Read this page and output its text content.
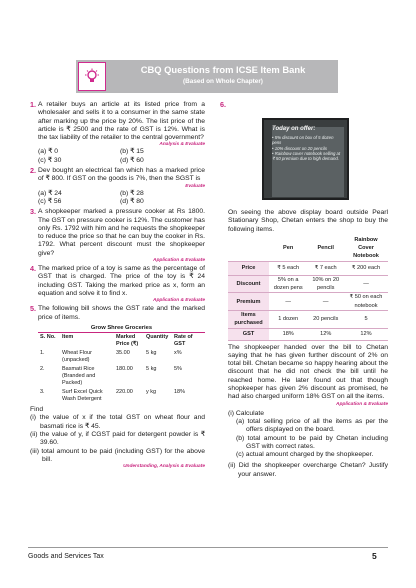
CBQ Questions from ICSE Item Bank
(Based on Whole Chapter)
1. A retailer buys an article at its listed price from a wholesaler and sells it to a consumer in the same state after marking up the price by 20%. The list price of the article is ₹ 2500 and the rate of GST is 12%. What is the tax liability of the retailer to the central government?
Analysis & Evaluate
(a) ₹ 0	(b) ₹ 15
(c) ₹ 30	(d) ₹ 60
2. Dev bought an electrical fan which has a marked price of ₹ 800. If GST on the goods is 7%, then the SGST is
Evaluate
(a) ₹ 24	(b) ₹ 28
(c) ₹ 56	(d) ₹ 80
3. A shopkeeper marked a pressure cooker at Rs 1800. The GST on pressure cooker is 12%. The customer has only Rs. 1792 with him and he requests the shopkeeper to reduce the price so that he can buy the cooker in Rs. 1792. What percent discount must the shopkeeper give?
Application & Evaluate
4. The marked price of a toy is same as the percentage of GST that is charged. The price of the toy is ₹ 24 including GST. Taking the marked price as x, form an equation and solve it to find x.
Application & Evaluate
5. The following bill shows the GST rate and the marked price of items.
Grow Shree Groceries
S. No.	Item	Marked Price (₹)	Quantity	Rate of GST
1.	Wheat Flour (unpacked)	35.00	5 kg	x%
2.	Basmati Rice (Branded and Packed)	180.00	5 kg	5%
3.	Surf Excel Quick Wash Detergent	220.00	y kg	18%
Find
(i) the value of x if the total GST on wheat flour and basmati rice is ₹ 45.
(ii) the value of y, if CGST paid for detergent powder is ₹ 39.60.
(iii) total amount to be paid (including GST) for the above bill.
Understanding, Analysis & Evaluate
6.
Today on offer:
• 5% discount on box of 5 dozen pens
• 10% discount on 20 pencils
• Rainbow cover notebook selling at ₹ 50 premium due to high demand.
On seeing the above display board outside Pearl Stationary Shop, Chetan enters the shop to buy the following items.
	Pen	Pencil	Rainbow Cover Notebook
Price	₹ 5 each	₹ 7 each	₹ 200 each
Discount	5% on a dozen pens	10% on 20 pencils	—
Premium	—	—	₹ 50 on each notebook
Items purchased	1 dozen	20 pencils	5
GST	18%	12%	12%
The shopkeeper handed over the bill to Chetan saying that he has given further discount of 2% on total bill. Chetan became so happy hearing about the discount that he did not check the bill until he reached home. He later found out that though shopkeeper has given 2% discount as promised, he had also charged uniform 18% GST on all the items.
Application & Evaluate
(i) Calculate
(a) total selling price of all the items as per the offers displayed on the board.
(b) total amount to be paid by Chetan including GST with correct rates.
(c) actual amount charged by the shopkeeper.
(ii) Did the shopkeeper overcharge Chetan? Justify your answer.
Goods and Services Tax	5
